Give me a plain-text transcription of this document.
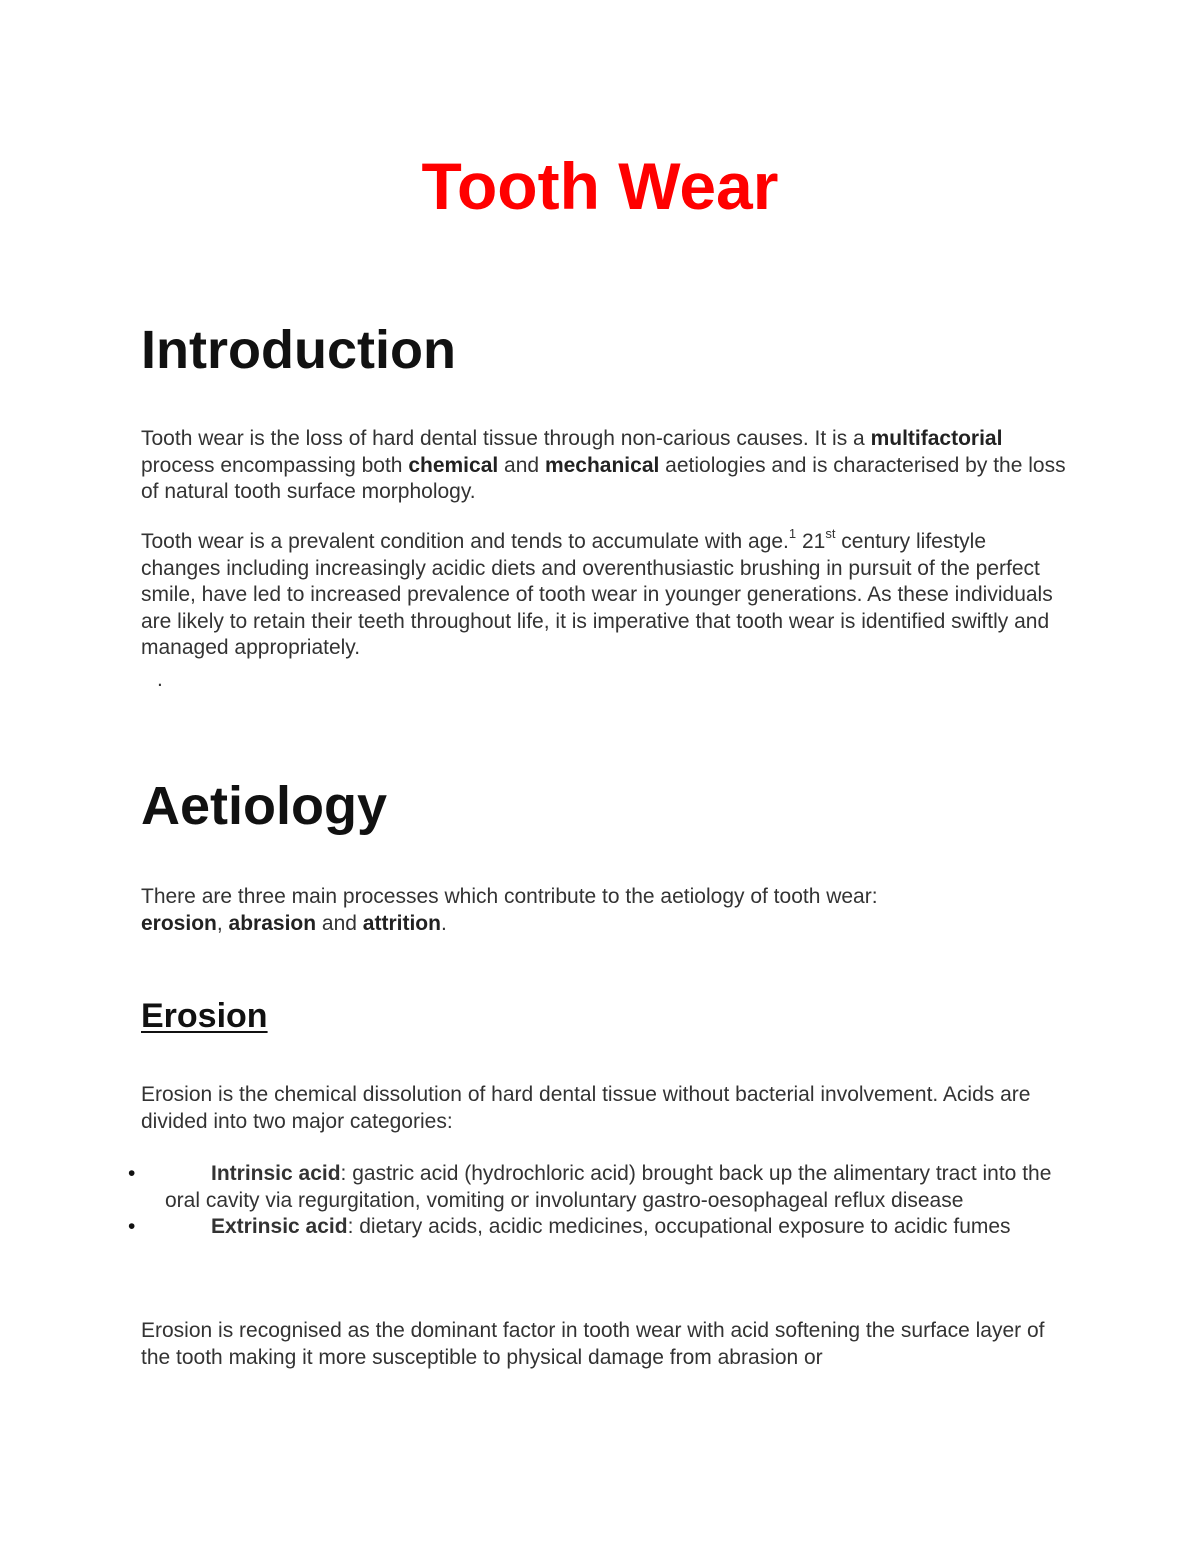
Tooth Wear
Introduction

Tooth wear is the loss of hard dental tissue through non-carious causes. It is a multifactorial process encompassing both chemical and mechanical aetiologies and is characterised by the loss of natural tooth surface morphology.

Tooth wear is a prevalent condition and tends to accumulate with age.$^1$ 21st century lifestyle changes including increasingly acidic diets and overenthusiastic brushing in pursuit of the perfect smile, have led to increased prevalence of tooth wear in younger generations. As these individuals are likely to retain their teeth throughout life, it is imperative that tooth wear is identified swiftly and managed appropriately.

.
Aetiology

There are three main processes which contribute to the aetiology of tooth wear: erosion, abrasion and attrition.

Erosion

Erosion is the chemical dissolution of hard dental tissue without bacterial involvement. Acids are divided into two major categories:

•	Intrinsic acid: gastric acid (hydrochloric acid) brought back up the alimentary tract into the oral cavity via regurgitation, vomiting or involuntary gastro-oesophageal reflux disease
•	Extrinsic acid: dietary acids, acidic medicines, occupational exposure to acidic fumes

Erosion is recognised as the dominant factor in tooth wear with acid softening the surface layer of the tooth making it more susceptible to physical damage from abrasion or
